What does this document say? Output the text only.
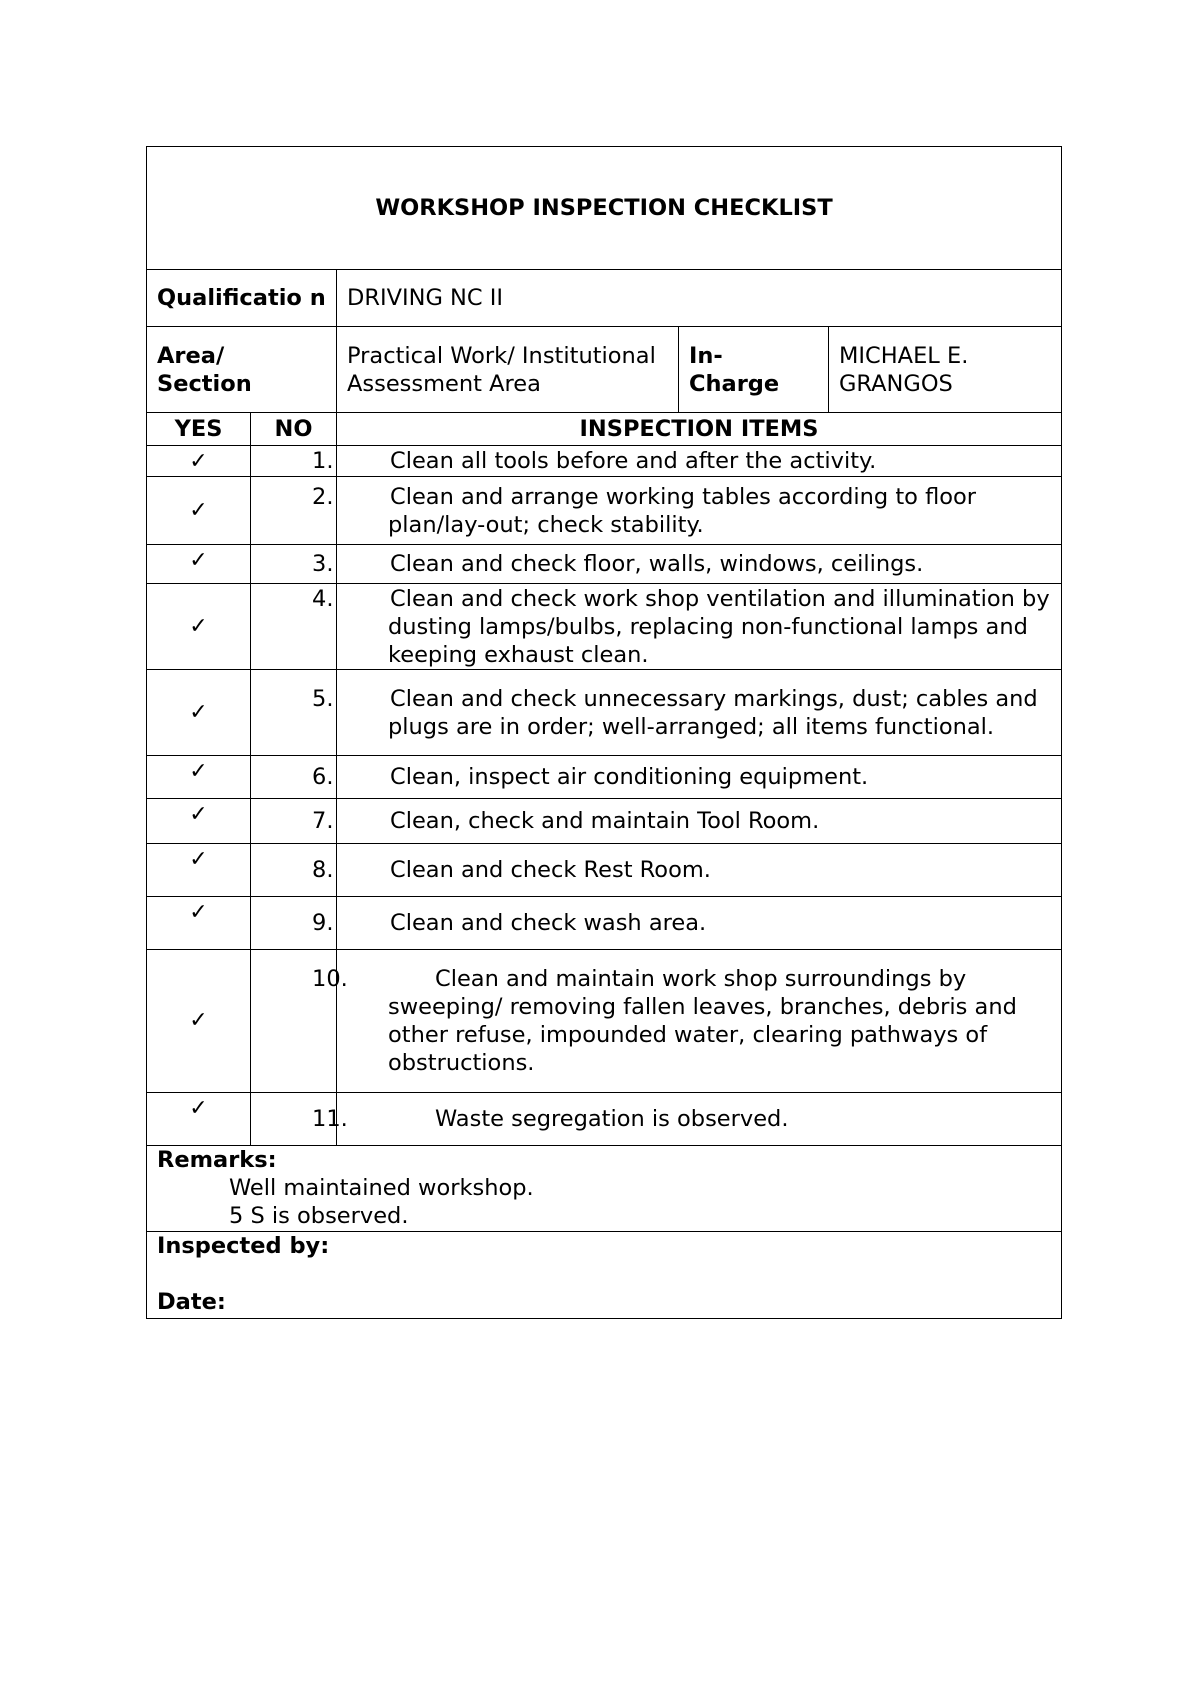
WORKSHOP INSPECTION CHECKLIST				
Qualificatio n		DRIVING NC II		
Area/ Section		Practical Work/ Institutional Assessment Area	In- Charge	MICHAEL E. GRANGOS
YES	NO	INSPECTION ITEMS		
✓		1. Clean all tools before and after the activity.		

✓		2. Clean and arrange working tables according to floor plan/lay-out; check stability.		

✓		3. Clean and check floor, walls, windows, ceilings.		

✓		4. Clean and check work shop ventilation and illumination by dusting lamps/bulbs, replacing non-functional lamps and keeping exhaust clean.		

✓		5. Clean and check unnecessary markings, dust; cables and plugs are in order; well-arranged; all items functional.		

✓		6. Clean, inspect air conditioning equipment.		

✓		7. Clean, check and maintain Tool Room.		

✓		8. Clean and check Rest Room.		

✓		9. Clean and check wash area.		

✓		10. Clean and maintain work shop surroundings by sweeping/ removing fallen leaves, branches, debris and other refuse, impounded water, clearing pathways of obstructions.		

✓		11. Waste segregation is observed.		

Remarks:
Well maintained workshop.
5 S is observed.				

Inspected by:
Date:				
